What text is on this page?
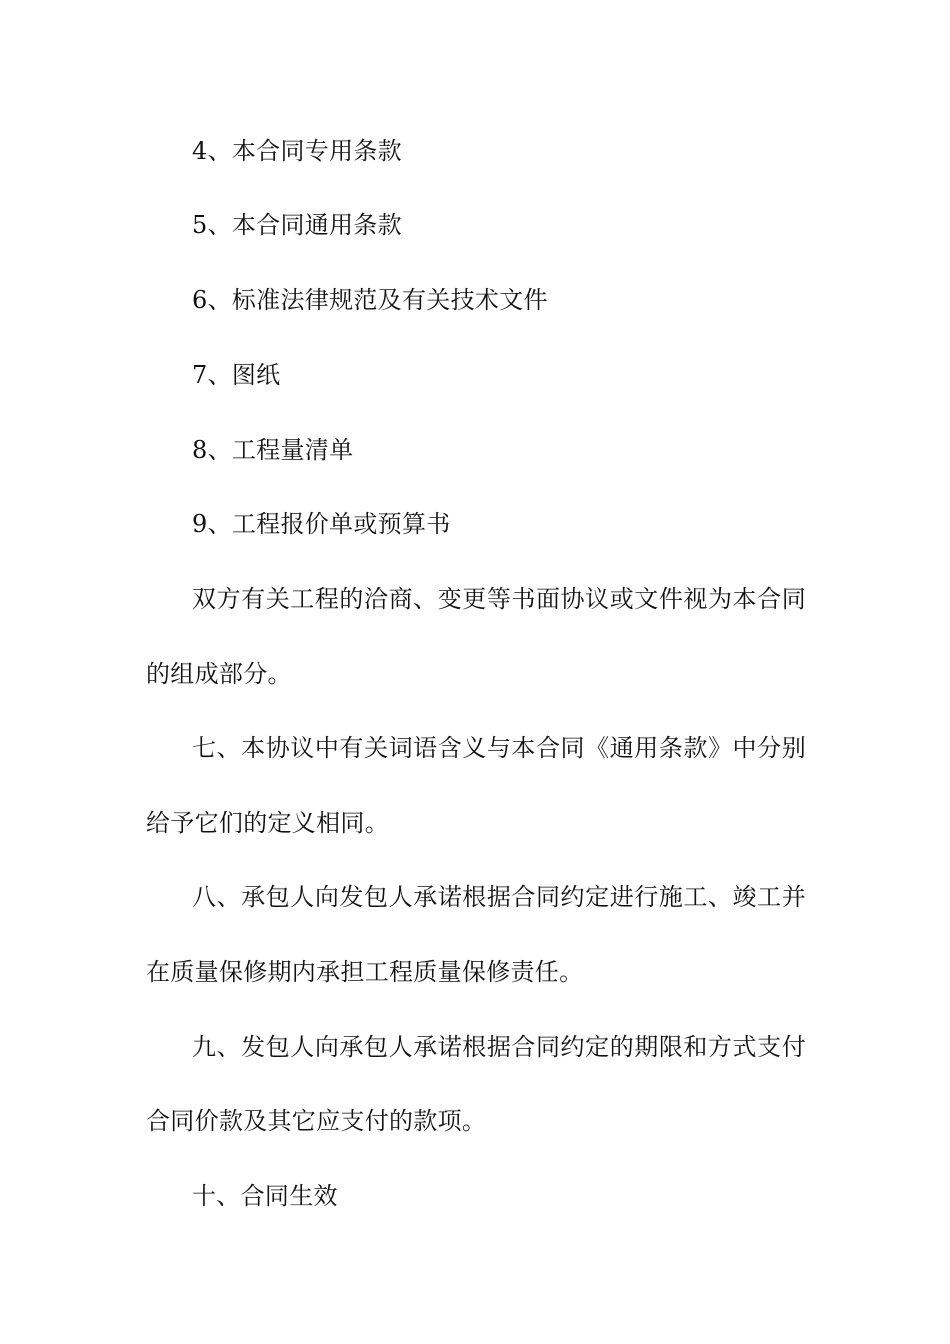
4、本合同专用条款
5、本合同通用条款
6、标准法律规范及有关技术文件
7、图纸
8、工程量清单
9、工程报价单或预算书
双方有关工程的洽商、变更等书面协议或文件视为本合同
的组成部分。
七、本协议中有关词语含义与本合同《通用条款》中分别
给予它们的定义相同。
八、承包人向发包人承诺根据合同约定进行施工、竣工并
在质量保修期内承担工程质量保修责任。
九、发包人向承包人承诺根据合同约定的期限和方式支付
合同价款及其它应支付的款项。
十、合同生效
